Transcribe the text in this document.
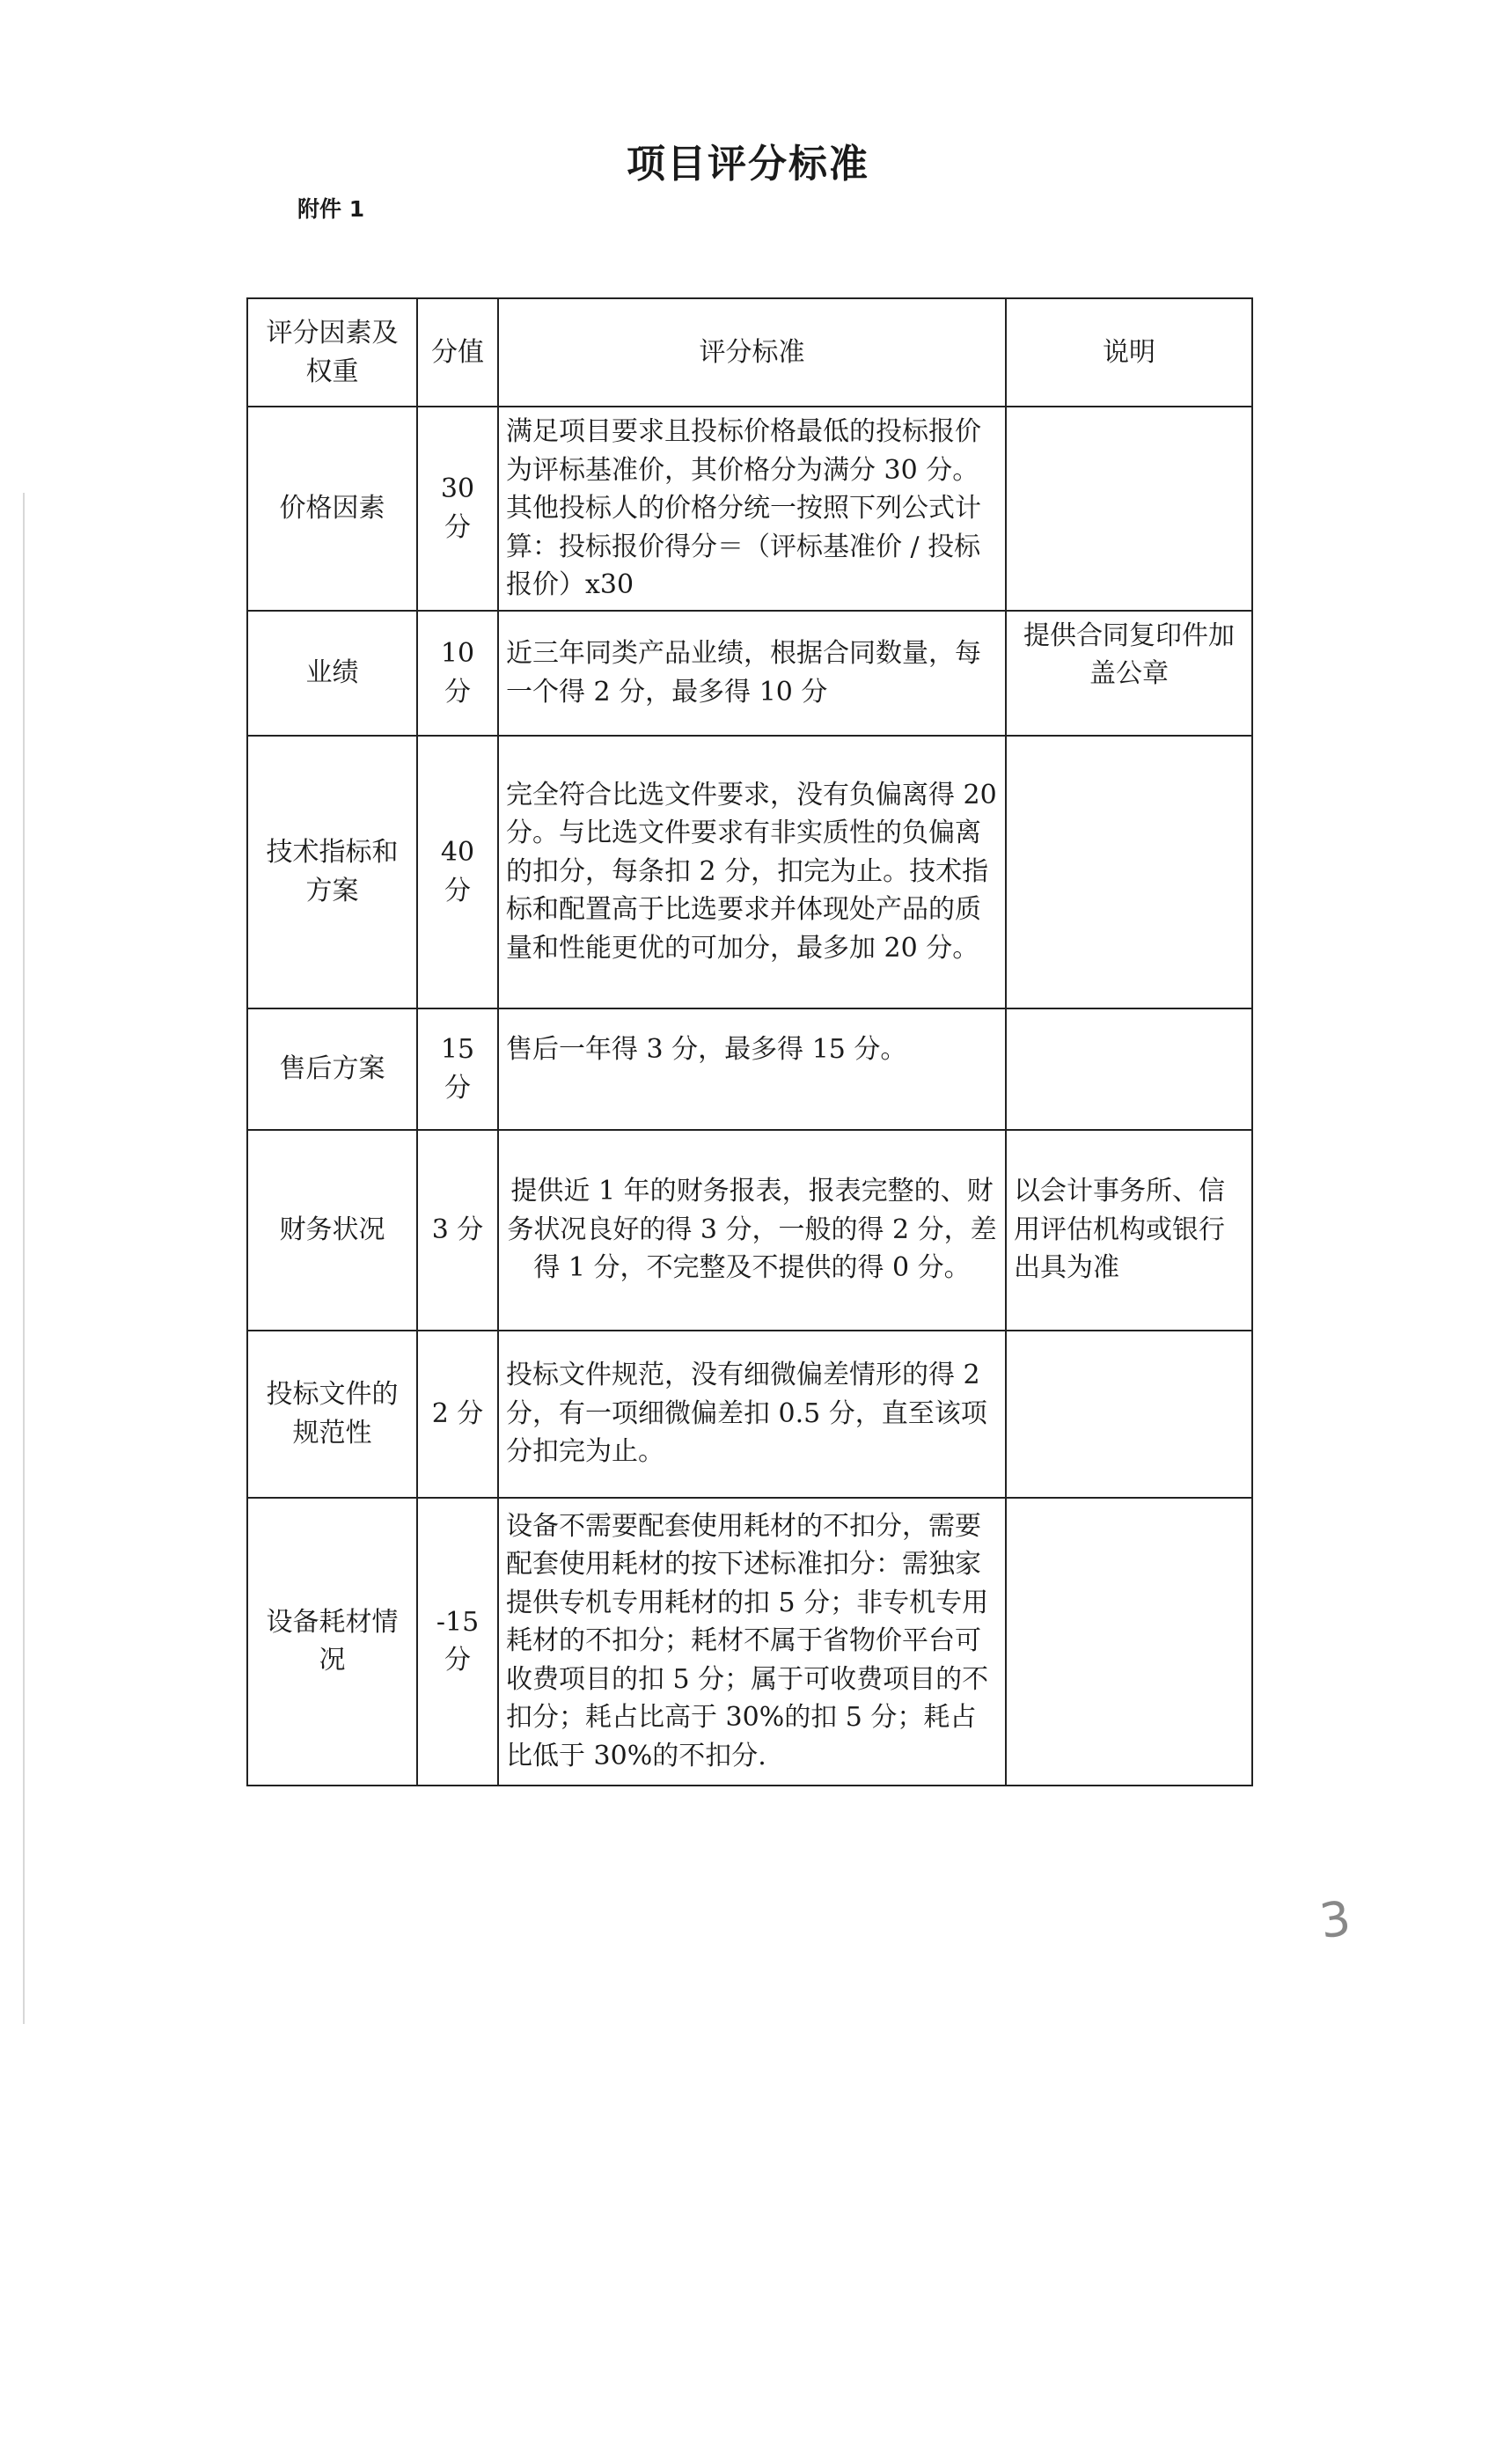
项目评分标准
附件 1
评分因素及权重	分值	评分标准	说明
价格因素	30 分	满足项目要求且投标价格最低的投标报价为评标基准价，其价格分为满分 30 分。其他投标人的价格分统一按照下列公式计算：投标报价得分＝（评标基准价 / 投标报价）x30	
业绩	10 分	近三年同类产品业绩，根据合同数量，每一个得 2 分，最多得 10 分	提供合同复印件加盖公章
技术指标和方案	40 分	完全符合比选文件要求，没有负偏离得 20 分。与比选文件要求有非实质性的负偏离的扣分，每条扣 2 分，扣完为止。技术指标和配置高于比选要求并体现处产品的质量和性能更优的可加分，最多加 20 分。	
售后方案	15 分	售后一年得 3 分，最多得 15 分。	
财务状况	3 分	提供近 1 年的财务报表，报表完整的、财务状况良好的得 3 分，一般的得 2 分，差得 1 分，不完整及不提供的得 0 分。	以会计事务所、信用评估机构或银行出具为准
投标文件的规范性	2 分	投标文件规范，没有细微偏差情形的得 2 分，有一项细微偏差扣 0.5 分，直至该项分扣完为止。	
设备耗材情况	-15 分	设备不需要配套使用耗材的不扣分，需要配套使用耗材的按下述标准扣分：需独家提供专机专用耗材的扣 5 分；非专机专用耗材的不扣分；耗材不属于省物价平台可收费项目的扣 5 分；属于可收费项目的不扣分；耗占比高于 30%的扣 5 分；耗占比低于 30%的不扣分.	
3
